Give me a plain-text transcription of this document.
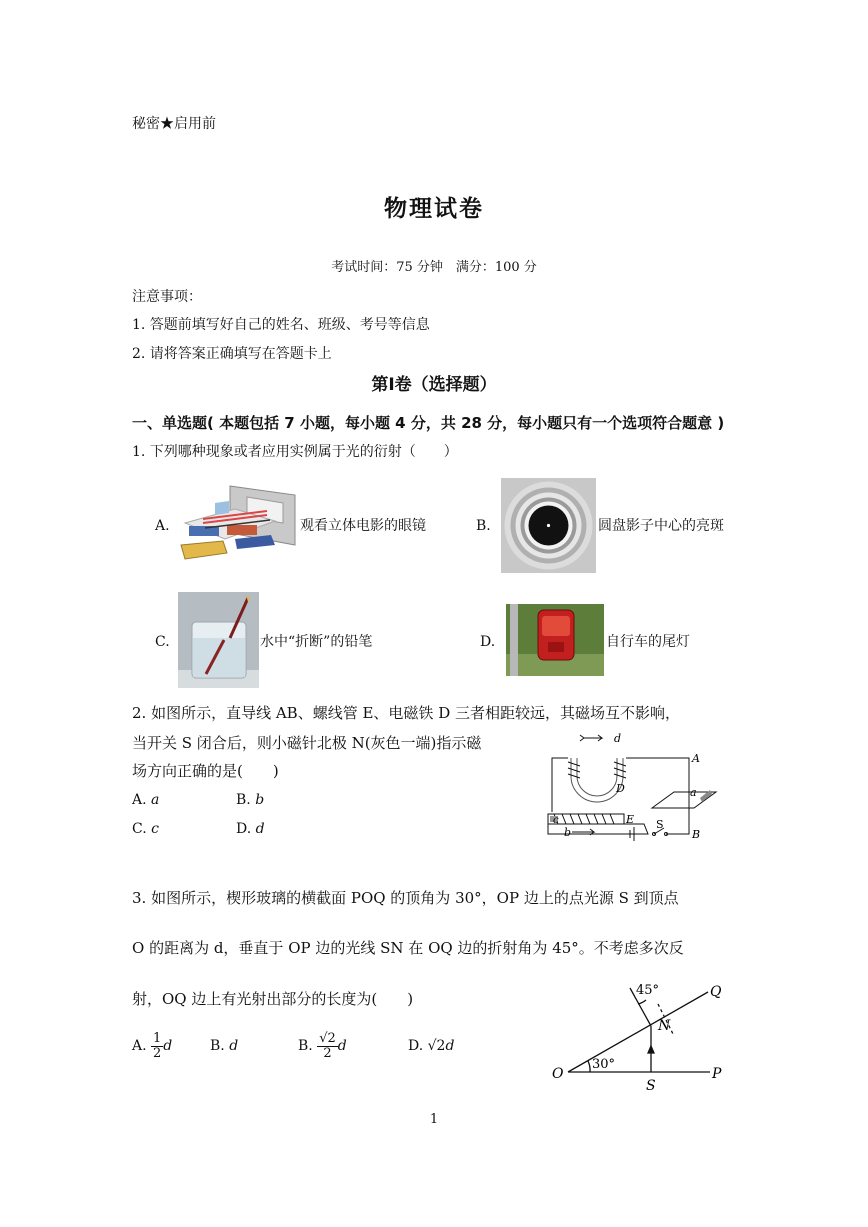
秘密★启用前
物理试卷
考试时间：75 分钟　满分：100 分
注意事项：
1. 答题前填写好自己的姓名、班级、考号等信息
2. 请将答案正确填写在答题卡上
第Ⅰ卷（选择题）
一、单选题( 本题包括 7 小题，每小题 4 分，共 28 分，每小题只有一个选项符合题意 )
1. 下列哪种现象或者应用实例属于光的衍射（　　）
A.	观看立体电影的眼镜	B.	圆盘影子中心的亮斑
C.	水中“折断”的铅笔	D.	自行车的尾灯
2. 如图所示，直导线 AB、螺线管 E、电磁铁 D 三者相距较远，其磁场互不影响，
当开关 S 闭合后，则小磁针北极 N(灰色一端)指示磁
场方向正确的是(　　)
A. a	B. b
C. c	D. d
d
A
D	a
c	E S
b	B
3. 如图所示，楔形玻璃的横截面 POQ 的顶角为 30°，OP 边上的点光源 S 到顶点
O 的距离为 d，垂直于 OP 边的光线 SN 在 OQ 边的折射角为 45°。不考虑多次反
射，OQ 边上有光射出部分的长度为(　　)
A. $\frac{1}{2}$ d	B. d	B. $\frac{√2}{2}$ d	D. √2d
45°	Q
N
O
30°
S
P
1
